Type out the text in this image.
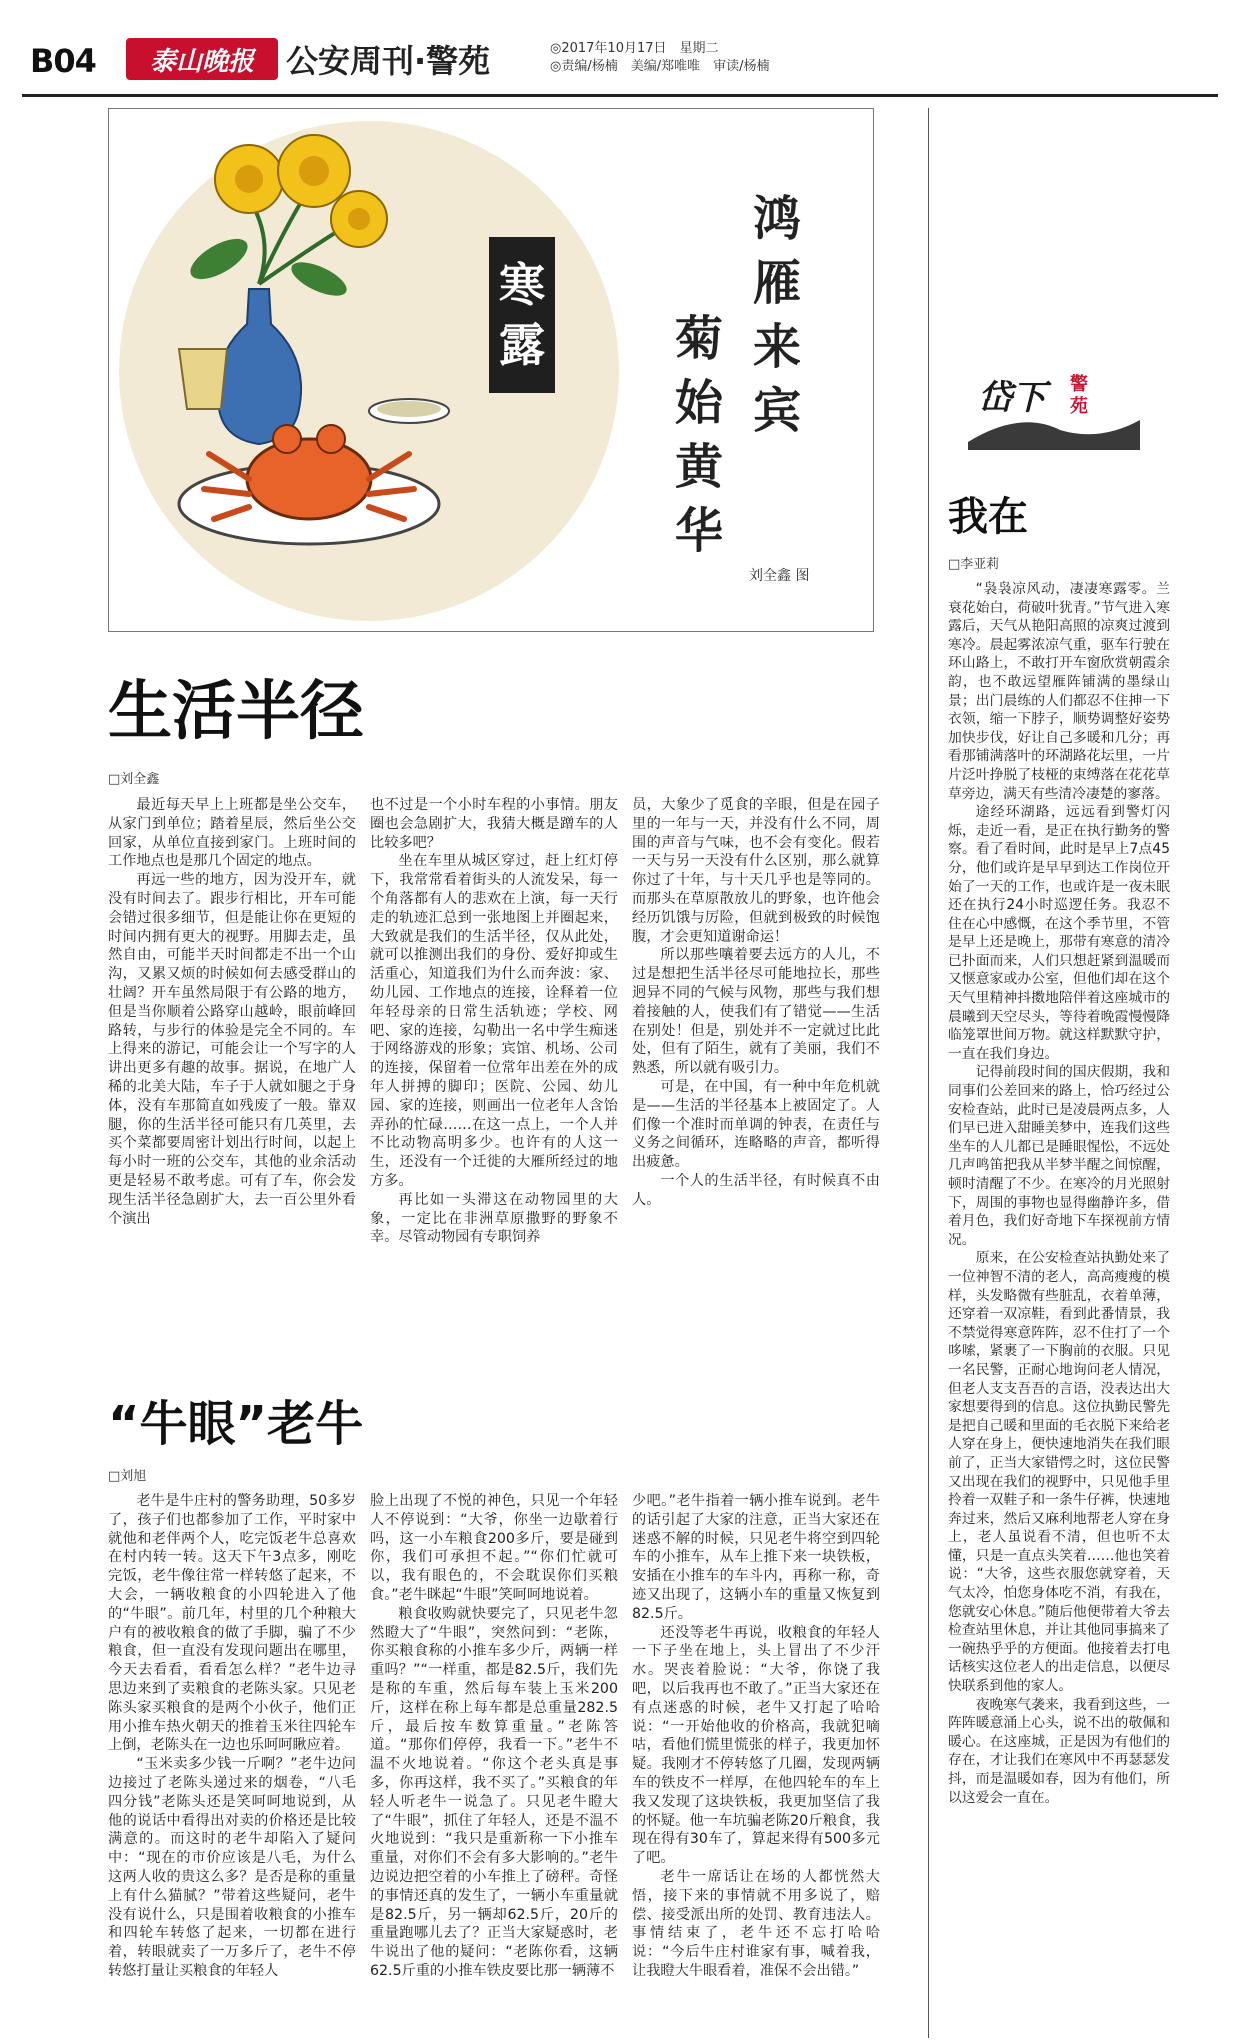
B04	泰山晚报	公安周刊·警苑	◎2017年10月17日　星期二
◎责编/杨楠　美编/郑唯唯　审读/杨楠
寒
露
鸿
雁
来
宾
菊
始
黄
华
刘全鑫 图
岱下 警
苑
生活半径
□刘全鑫

最近每天早上上班都是坐公交车，从家门到单位；踏着星辰，然后坐公交回家，从单位直接到家门。上班时间的工作地点也是那几个固定的地点。

再远一些的地方，因为没开车，就没有时间去了。跟步行相比，开车可能会错过很多细节，但是能让你在更短的时间内拥有更大的视野。用脚去走，虽然自由，可能半天时间都走不出一个山沟，又累又烦的时候如何去感受群山的壮阔？开车虽然局限于有公路的地方，但是当你顺着公路穿山越岭，眼前峰回路转，与步行的体验是完全不同的。车上得来的游记，可能会让一个写字的人讲出更多有趣的故事。据说，在地广人稀的北美大陆，车子于人就如腿之于身体，没有车那简直如残废了一般。靠双腿，你的生活半径可能只有几英里，去买个菜都要周密计划出行时间，以起上每小时一班的公交车，其他的业余活动更是轻易不敢考虑。可有了车，你会发现生活半径急剧扩大，去一百公里外看个演出

也不过是一个小时车程的小事情。朋友圈也会急剧扩大，我猜大概是蹭车的人比较多吧？

坐在车里从城区穿过，赶上红灯停下，我常常看着街头的人流发呆，每一个角落都有人的悲欢在上演，每一天行走的轨迹汇总到一张地图上并圈起来，大致就是我们的生活半径，仅从此处，就可以推测出我们的身份、爱好抑或生活重心，知道我们为什么而奔波：家、幼儿园、工作地点的连接，诠释着一位年轻母亲的日常生活轨迹；学校、网吧、家的连接，勾勒出一名中学生痴迷于网络游戏的形象；宾馆、机场、公司的连接，保留着一位常年出差在外的成年人拼搏的脚印；医院、公园、幼儿园、家的连接，则画出一位老年人含饴弄孙的忙碌……在这一点上，一个人并不比动物高明多少。也许有的人这一生，还没有一个迁徙的大雁所经过的地方多。

再比如一头滞这在动物园里的大象，一定比在非洲草原撒野的野象不幸。尽管动物园有专职饲养

员，大象少了觅食的辛眼，但是在园子里的一年与一天，并没有什么不同，周围的声音与气味，也不会有变化。假若一天与另一天没有什么区别，那么就算你过了十年，与十天几乎也是等同的。而那头在草原散放儿的野象，也许他会经历饥饿与厉险，但就到极致的时候饱腹，才会更知道谢命运！

所以那些嚷着要去远方的人儿，不过是想把生活半径尽可能地拉长，那些迥异不同的气候与风物，那些与我们想着接触的人，使我们有了错觉——生活在别处！但是，别处并不一定就过比此处，但有了陌生，就有了美丽，我们不熟悉，所以就有吸引力。

可是，在中国，有一种中年危机就是——生活的半径基本上被固定了。人们像一个准时而单调的钟表，在责任与义务之间循环，连略略的声音，都听得出疲惫。

一个人的生活半径，有时候真不由人。

“牛眼”老牛
□刘旭

老牛是牛庄村的警务助理，50多岁了，孩子们也都参加了工作，平时家中就他和老伴两个人，吃完饭老牛总喜欢在村内转一转。这天下午3点多，刚吃完饭，老牛像往常一样转悠了起来，不大会，一辆收粮食的小四轮进入了他的“牛眼”。前几年，村里的几个种粮大户有的被收粮食的做了手脚，骗了不少粮食，但一直没有发现问题出在哪里，今天去看看，看看怎么样？”老牛边寻思边来到了卖粮食的老陈头家。只见老陈头家买粮食的是两个小伙子，他们正用小推车热火朝天的推着玉米往四轮车上倒，老陈头在一边也乐呵呵瞅应着。

“玉米卖多少钱一斤啊？”老牛边问边接过了老陈头递过来的烟卷，“八毛四分钱”老陈头还是笑呵呵地说到，从他的说话中看得出对卖的价格还是比较满意的。而这时的老牛却陷入了疑问中：“现在的市价应该是八毛，为什么这两人收的贵这么多？是否是称的重量上有什么猫腻？”带着这些疑问，老牛没有说什么，只是围着收粮食的小推车和四轮车转悠了起来，一切都在进行着，转眼就卖了一万多斤了，老牛不停转悠打量让买粮食的年轻人

脸上出现了不悦的神色，只见一个年轻人不停说到：“大爷，你坐一边歇着行吗，这一小车粮食200多斤，要是碰到你，我们可承担不起。”“你们忙就可以，我有眼色的，不会耽误你们买粮食。”老牛眯起“牛眼”笑呵呵地说着。

粮食收购就快要完了，只见老牛忽然瞪大了“牛眼”，突然问到：“老陈，你买粮食称的小推车多少斤，两辆一样重吗？”“一样重，都是82.5斤，我们先是称的车重，然后每车装上玉米200斤，这样在称上每车都是总重量282.5斤，最后按车数算重量。”老陈答道。“那你们停停，我看一下。”老牛不温不火地说着。“你这个老头真是事多，你再这样，我不买了。”买粮食的年轻人听老牛一说急了。只见老牛瞪大了“牛眼”，抓住了年轻人，还是不温不火地说到：“我只是重新称一下小推车重量，对你们不会有多大影响的。”老牛边说边把空着的小车推上了磅秤。奇怪的事情还真的发生了，一辆小车重量就是82.5斤，另一辆却62.5斤，20斤的重量跑哪儿去了？正当大家疑惑时，老牛说出了他的疑问：“老陈你看，这辆62.5斤重的小推车铁皮要比那一辆薄不

少吧。”老牛指着一辆小推车说到。老牛的话引起了大家的注意，正当大家还在迷惑不解的时候，只见老牛将空到四轮车的小推车，从车上推下来一块铁板，安插在小推车的车斗内，再称一称，奇迹又出现了，这辆小车的重量又恢复到82.5斤。

还没等老牛再说，收粮食的年轻人一下子坐在地上，头上冒出了不少汗水。哭丧着脸说：“大爷，你饶了我吧，以后我再也不敢了。”正当大家还在有点迷惑的时候，老牛又打起了哈哈说：“一开始他收的价格高，我就犯嘀咕，看他们慌里慌张的样子，我更加怀疑。我刚才不停转悠了几圈，发现两辆车的铁皮不一样厚，在他四轮车的车上我又发现了这块铁板，我更加坚信了我的怀疑。他一车坑骗老陈20斤粮食，我现在得有30车了，算起来得有500多元了吧。

老牛一席话让在场的人都恍然大悟，接下来的事情就不用多说了，赔偿、接受派出所的处罚、教育违法人。事情结束了，老牛还不忘打哈哈说：“今后牛庄村谁家有事，喊着我，让我瞪大牛眼看着，准保不会出错。”

我在
□李亚莉

“袅袅凉风动，凄凄寒露零。兰衰花始白，荷破叶犹青。”节气进入寒露后，天气从艳阳高照的凉爽过渡到寒冷。晨起雾浓凉气重，驱车行驶在环山路上，不敢打开车窗欣赏朝霞余韵，也不敢远望雁阵铺满的墨绿山景；出门晨练的人们都忍不住抻一下衣领，缩一下脖子，顺势调整好姿势加快步伐，好让自己多暖和几分；再看那铺满落叶的环湖路花坛里，一片片泛叶挣脱了枝桠的束缚落在花花草草旁边，满天有些清冷凄楚的寥落。

途经环湖路，远远看到警灯闪烁，走近一看，是正在执行勤务的警察。看了看时间，此时是早上7点45分，他们或许是早早到达工作岗位开始了一天的工作，也或许是一夜未眠还在执行24小时巡逻任务。我忍不住在心中感慨，在这个季节里，不管是早上还是晚上，那带有寒意的清冷已扑面而来，人们只想赶紧到温暖而又惬意家或办公室，但他们却在这个天气里精神抖擞地陪伴着这座城市的晨曦到天空尽头，等待着晚霞慢慢降临笼罩世间万物。就这样默默守护，一直在我们身边。

记得前段时间的国庆假期，我和同事们公差回来的路上，恰巧经过公安检查站，此时已是凌晨两点多，人们早已进入甜睡美梦中，连我们这些坐车的人儿都已是睡眼惺忪，不远处几声鸣笛把我从半梦半醒之间惊醒，顿时清醒了不少。在寒冷的月光照射下，周围的事物也显得幽静许多，借着月色，我们好奇地下车探视前方情况。

原来，在公安检查站执勤处来了一位神智不清的老人，高高瘦瘦的模样，头发略微有些脏乱，衣着单薄，还穿着一双凉鞋，看到此番情景，我不禁觉得寒意阵阵，忍不住打了一个哆嗦，紧裹了一下胸前的衣服。只见一名民警，正耐心地询问老人情况，但老人支支吾吾的言语，没表达出大家想要得到的信息。这位执勤民警先是把自己暖和里面的毛衣脱下来给老人穿在身上，便快速地消失在我们眼前了，正当大家错愕之时，这位民警又出现在我们的视野中，只见他手里拎着一双鞋子和一条牛仔裤，快速地奔过来，然后又麻利地帮老人穿在身上，老人虽说看不清，但也听不太懂，只是一直点头笑着……他也笑着说：“大爷，这些衣服您就穿着，天气太冷，怕您身体吃不消，有我在，您就安心休息。”随后他便带着大爷去检查站里休息，并让其他同事搞来了一碗热乎乎的方便面。他接着去打电话核实这位老人的出走信息，以便尽快联系到他的家人。

夜晚寒气袭来，我看到这些，一阵阵暖意涌上心头，说不出的敬佩和暖心。在这座城，正是因为有他们的存在，才让我们在寒风中不再瑟瑟发抖，而是温暖如春，因为有他们，所以这爱会一直在。
